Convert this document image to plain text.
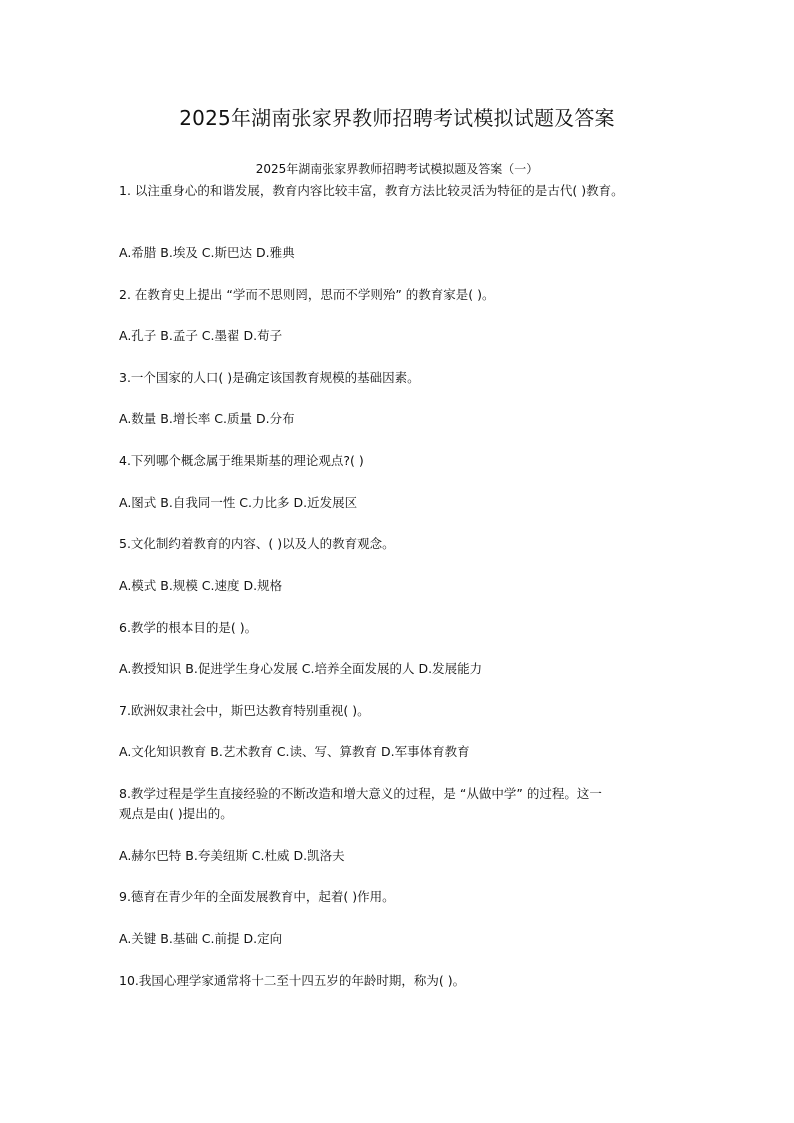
2025年湖南张家界教师招聘考试模拟试题及答案
2025年湖南张家界教师招聘考试模拟题及答案（一）
1. 以注重身心的和谐发展，教育内容比较丰富，教育方法比较灵活为特征的是古代( )教育。
A.希腊 B.埃及 C.斯巴达 D.雅典
2. 在教育史上提出 “学而不思则罔，思而不学则殆” 的教育家是( )。
A.孔子 B.孟子 C.墨翟 D.荀子
3.一个国家的人口( )是确定该国教育规模的基础因素。
A.数量 B.增长率 C.质量 D.分布
4.下列哪个概念属于维果斯基的理论观点?( )
A.图式 B.自我同一性 C.力比多 D.近发展区
5.文化制约着教育的内容、( )以及人的教育观念。
A.模式 B.规模 C.速度 D.规格
6.教学的根本目的是( )。
A.教授知识 B.促进学生身心发展 C.培养全面发展的人 D.发展能力
7.欧洲奴隶社会中，斯巴达教育特别重视( )。
A.文化知识教育 B.艺术教育 C.读、写、算教育 D.军事体育教育
8.教学过程是学生直接经验的不断改造和增大意义的过程，是 “从做中学” 的过程。这一
观点是由( )提出的。
A.赫尔巴特 B.夸美纽斯 C.杜威 D.凯洛夫
9.德育在青少年的全面发展教育中，起着( )作用。
A.关键 B.基础 C.前提 D.定向
10.我国心理学家通常将十二至十四五岁的年龄时期，称为( )。
